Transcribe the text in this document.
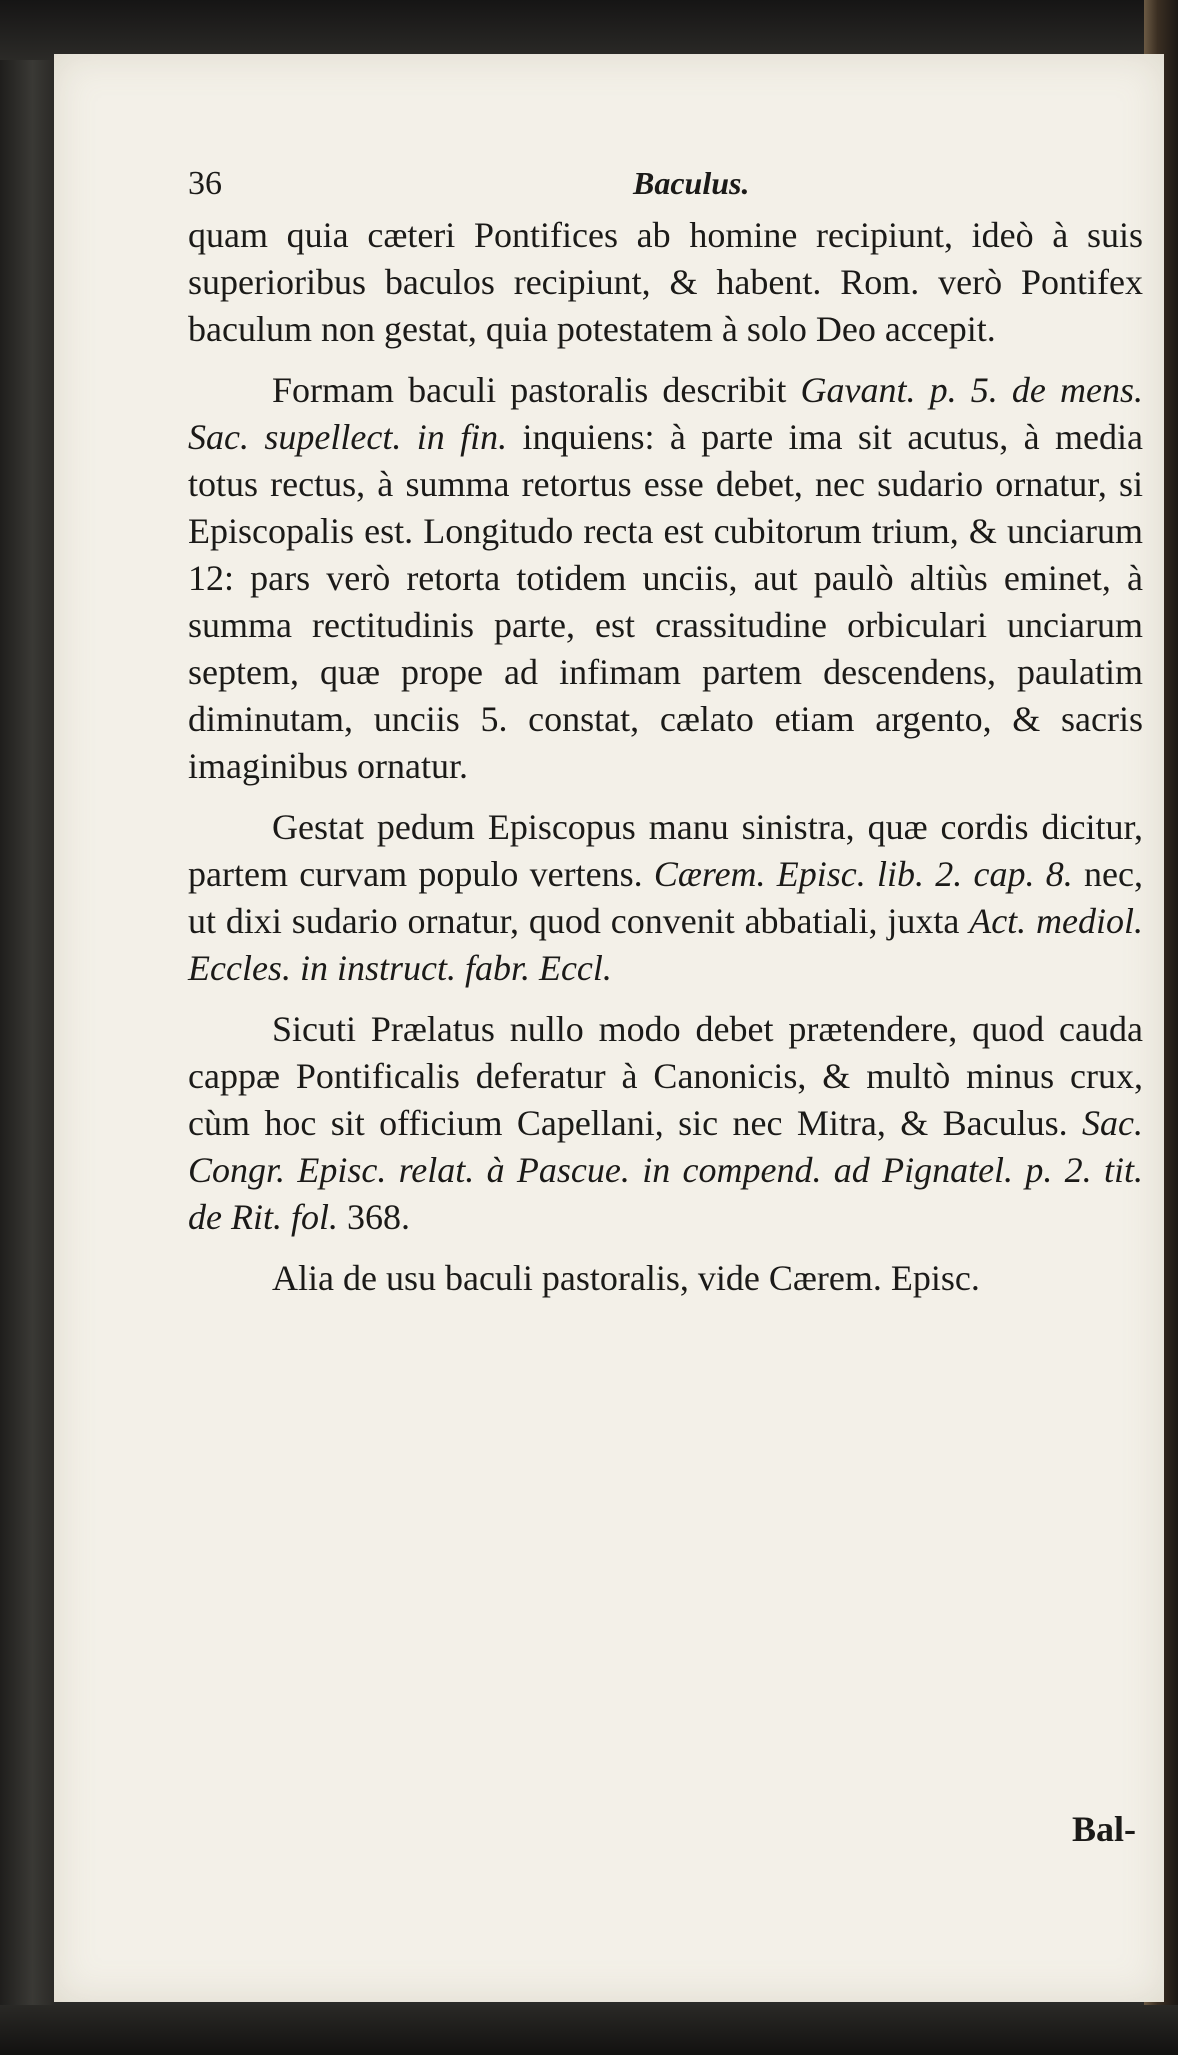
36	Baculus.

quam quia cæteri Pontifices ab homine recipiunt, ideò à suis superioribus baculos recipiunt, & habent. Rom. verò Pontifex baculum non gestat, quia potestatem à solo Deo accepit.

Formam baculi pastoralis describit Gavant. p. 5. de mens. Sac. supellect. in fin. inquiens: à parte ima sit acutus, à media totus rectus, à summa retortus esse debet, nec sudario ornatur, si Episcopalis est. Longitudo recta est cubitorum trium, & unciarum 12: pars verò retorta totidem unciis, aut paulò altiùs eminet, à summa rectitudinis parte, est crassitudine orbiculari unciarum septem, quæ prope ad infimam partem descendens, paulatim diminutam, unciis 5. constat, cælato etiam argento, & sacris imaginibus ornatur.

Gestat pedum Episcopus manu sinistra, quæ cordis dicitur, partem curvam populo vertens. Cærem. Episc. lib. 2. cap. 8. nec, ut dixi sudario ornatur, quod convenit abbatiali, juxta Act. mediol. Eccles. in instruct. fabr. Eccl.

Sicuti Prælatus nullo modo debet prætendere, quod cauda cappæ Pontificalis deferatur à Canonicis, & multò minus crux, cùm hoc sit officium Capellani, sic nec Mitra, & Baculus. Sac. Congr. Episc. relat. à Pascue. in compend. ad Pignatel. p. 2. tit. de Rit. fol. 368.

Alia de usu baculi pastoralis, vide Cærem. Episc.

Bal-
